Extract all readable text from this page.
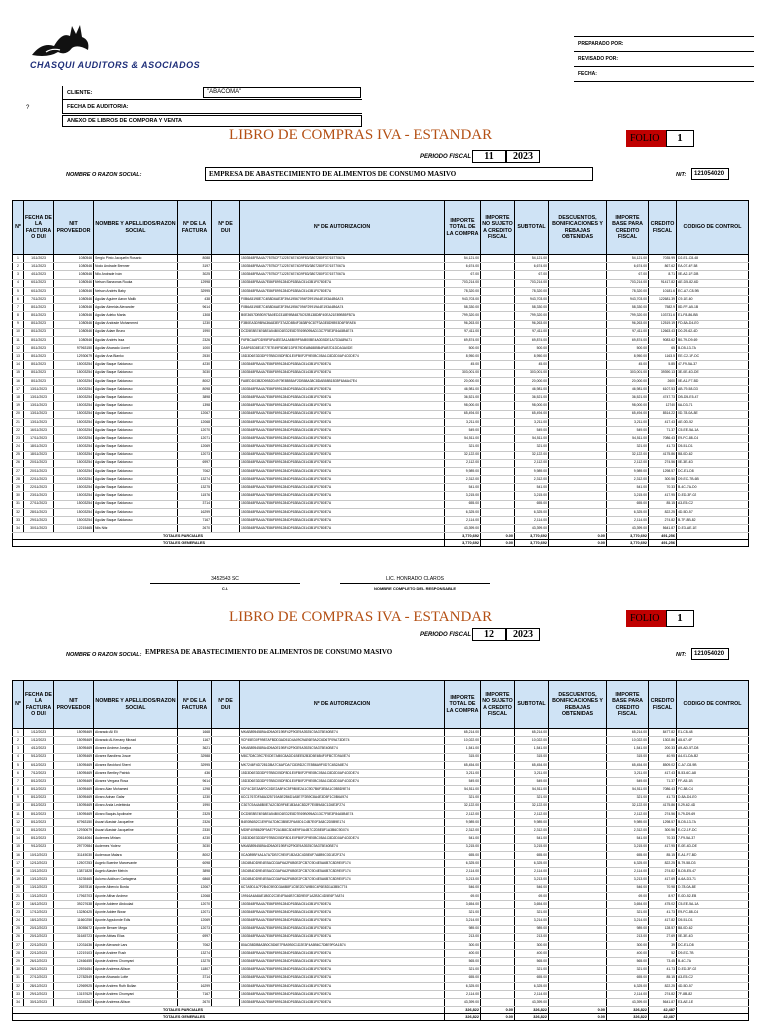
CHASQUI AUDITORS & ASOCIADOS
PREPARADO POR:
REVISADO POR:
FECHA:
CLIENTE:	"ABACOMA"
FECHA DE AUDITORIA:
?
ANEXO DE LIBROS DE COMPORA Y VENTA
LIBRO DE COMPRAS IVA - ESTANDAR	FOLIO	1
PERIODO FISCAL	11	2023
NOMBRE O RAZON SOCIAL:	EMPRESA DE ABASTECIMIENTO DE ALIMENTOS DE CONSUMO MASIVO	NIT:	121054020
Nº	FECHA DE LA FACTURA O DUI	NIT PROVEEDOR	NOMBRE Y APELLIDOS/RAZON SOCIAL	Nº DE LA FACTURA	Nº DE DUI	Nº DE AUTORIZACION	IMPORTE TOTAL DE LA COMPRA	IMPORTE NO SUJETO A CREDITO FISCAL	SUBTOTAL	DESCUENTOS, BONIFICACIONES Y REBAJAS OBTENIDAS	IMPORTE BASE PARA CREDITO FISCAL	CREDITO FISCAL	CODIGO DE CONTROL
1	1/11/2023	1080546	Sergio Pinto Jacquelin Rosario	8088		1503548FBA4A7757BCF7122574E74D9F83/3807280F37/1577067A	54,121.00		54,121.00		54,121.00	7035.99	D2-E1-C8-48
2	1/11/2023	1080546	Nodo Andrade Brenner	3197		1503548FBA4A7757BCF7122574E74D9F83/3807280F37/1577067A	6,674.00		6,674.00		6,674.00	867.62	EA-07-4F-58
3	4/11/2023	1080546	Nilo Andrade Iván	3025		1503548FBA4A7757BCF7122574E74D9F83/3807280F37/1577067A	67.00		67.00		67.00	8.71	0E-A2-1F-DB
4	6/11/2023	1080546	Nelson Banzonas Ruuka	12998		1503548FBA4A7E86F8991284DF63BAC5143B1F0780E7A	703,214.00		703,214.00		703,214.00	91417.82	AE-D5-82-6D
5	6/11/2023	1080546	Nelson Andrés Baby	32995		1503548FBA4A7E86F8991284DF63BAC5143B1F0780E7A	78,320.00		78,320.00		78,320.00	10181.6	EC-A7-C8-9B
6	7/11/2023	1080546	Aguilar Aguirre Aaron Malik	438		F0B6A5198E7C4B8D6AE3F39A19567094F29919A4E193A4B6A74	943,703.00		943,703.00		943,703.00	122681.39	C9-1E-60
7	8/11/2023	1080546	Aguilar Almeida Alexander	9614		F0B6A5198E7C4B8D6AE3F39A19567094F29919A4E193A4B6A74	58,330.00		58,330.00		58,330.00	7582.9	8D-FF-A5-1B
8	8/11/2023	1080546	Aguilar Adeko Marta	1308		B0E3657DB9D975A0ED2318E9B84875C92B138D8F40EA21E89B55FB7A	799,320.00		799,320.00		799,320.00	103731.6	E1-F8-86-BB
9	8/11/2023	1080546	Aguilar Andrade Mohammed	1230		F3B0EA3D9B9A36A83EF37A2D8B4F3638F6C87F3A3E8D9B93D6F5FAE6	96,263.00		96,263.00		96,263.00	12519.19	FD-8A-D4-E0
10	8/11/2023	1080546	Aguilar Adam Bruno	1990		DCD5E8B74E68EA54B0C6ED2E8D7E69B095AD13C7F5E3F84A5B4E74	97,411.00		97,411.00		97,411.00	12663.43	D0-29-62-4D
11	8/11/2023	1080546	Aguilar Andrés Issa	2326		F6FBCAAFDD95F5FA4EE3A1A8B09F9AB00BE4A0D5DE1A7D3A89A71	69,874.00		69,874.00		69,874.00	9083.62	B0-79-D9-69
12	8/11/2023	97963150	Aguilar Alvarado Lionel	1000		DA5F63D8E1E77E7E49F5D8E1DFB79DEAB6885B4FAB7D1DDA3A0DE	500.00		500.00		500.00	65	B-D5-13-7A
13	8/11/2023	12930679	Aguilar Ana Blanko	2530		15D3D6E3D3DF97BBC05DF8D1E0FB0F2F9E0BC05A1C8D2D0AF4C0DE74	8,950.00		8,950.00		8,950.00	1163.5	EE-C2-1F-DC
14	8/11/2023	15003254	Aguilar Baque Saldaruso	4230		1503548FBA4A7E86F8991284DF63BAC5143B1F0780E7A	45.00		45.00		45.00	5.85	47-F9-5A-37
15	8/11/2023	15003254	Aguilar Baque Saldaruso	3030		1503548FBA4A7E86F8991284DF63BAC5143B1F0780E7A	303,001.00		303,001.00		303,001.00	39390.13	3E-0E-4D-DE
16	8/11/2023	15003254	Aguilar Baque Saldaruso	8002		FA8EDD03B2D9B52D4979E8B55AF2DB58A38C8DAB58B1B35F6A6A47E4	20,000.00		20,000.00		20,000.00	2600	0E-A1-F7-BD
17	13/11/2023	15003254	Aguilar Baque Saldaruso	8098		1503548FBA4A7E86F8991284DF63BAC5143B1F0780E7A	46,981.00		46,981.00		46,981.00	6107.53	AB-79-58-D3
18	13/11/2023	15003254	Aguilar Baque Saldaruso	3898		1503548FBA4A7E86F8991284DF63BAC5143B1F0780E7A	36,521.00		36,521.00		36,521.00	4747.73	DB-D5-E5-47
19	13/11/2023	15003254	Aguilar Baque Saldaruso	1398		1503548FBA4A7E86F8991284DF63BAC5143B1F0780E7A	98,000.00		98,000.00		98,000.00	12740	6A-D3-71
20	13/11/2023	15003254	Aguilar Baque Saldaruso	12067		1503548FBA4A7E86F8991284DF63BAC5143B1F0780E7A	65,494.00		65,494.00		65,494.00	8514.22	0D-78-0A-8E
21	13/11/2023	15003254	Aguilar Baque Saldaruso	12068		1503548FBA4A7E86F8991284DF63BAC5143B1F0780E7A	3,211.00		3,211.00		3,211.00	417.43	AE-0D-52
22	16/11/2023	15003254	Aguilar Baque Saldaruso	12070		1503548FBA4A7E86F8991284DF63BAC5143B1F0780E7A	549.00		549.00		549.00	71.37	C5-EE-5A-1A
23	17/11/2023	15003254	Aguilar Baque Saldaruso	12071		1503548FBA4A7E86F8991284DF63BAC5143B1F0780E7A	54,511.00		54,511.00		54,511.00	7086.43	E9-FC-88-C4
24	18/11/2023	15003254	Aguilar Baque Saldaruso	12069		1503548FBA4A7E86F8991284DF63BAC5143B1F0780E7A	321.00		321.00		321.00	41.73	D5-51-D1
25	18/11/2023	15003254	Aguilar Baque Saldaruso	12073		1503548FBA4A7E86F8991284DF63BAC5143B1F0780E7A	32,122.00		32,122.00		32,122.00	4175.86	B8-0D-62
26	20/11/2023	15003254	Aguilar Baque Saldaruso	6997		1503548FBA4A7E86F8991284DF63BAC5143B1F0780E7A	2,112.00		2,112.00		2,112.00	274.56	0E-3E-4D
27	20/11/2023	15003254	Aguilar Baque Saldaruso	7062		1503548FBA4A7E86F8991284DF63BAC5143B1F0780E7A	9,989.00		9,989.00		9,989.00	1298.57	DC-E1-D8
28	22/11/2023	15003254	Aguilar Baque Saldaruso	13274		1503548FBA4A7E86F8991284DF63BAC5143B1F0780E7A	2,312.00		2,312.00		2,312.00	300.56	D9-EC-7B-6B
29	22/11/2023	15003254	Aguilar Baque Saldaruso	13275		1503548FBA4A7E86F8991284DF63BAC5143B1F0780E7A	541.00		541.00		541.00	70.33	B-4C-7A-D0
30	23/11/2023	15003254	Aguilar Baque Saldaruso	11576		1503548FBA4A7E86F8991284DF63BAC5143B1F0780E7A	3,215.00		3,215.00		3,215.00	417.95	D-ED-3F-02
31	27/11/2023	15003254	Aguilar Baque Saldaruso	3714		1503548FBA4A7E86F8991284DF63BAC5143B1F0780E7A	655.00		655.00		655.00	85.15	A3-E5-C2
32	28/11/2023	15003254	Aguilar Baque Saldaruso	16299		1503548FBA4A7E86F8991284DF63BAC5143B1F0780E7A	6,325.00		6,325.00		6,325.00	822.25	4D-5D-57
33	29/11/2023	15003254	Aguilar Baque Saldaruso	7167		1503548FBA4A7E86F8991284DF63BAC5143B1F0780E7A	2,114.00		2,114.00		2,114.00	274.82	B-7F-8B-82
34	30/11/2023	12215465	Nils Nitz	2670		1503548FBA4A7E86F8991284DF63BAC5143B1F0780E7A	43,399.00		43,399.00		43,399.00	5641.87	D-E3-AE-1E
TOTALES PARCIALES							3,770,692	0.00	3,770,692	0.00	3,770,692	491,256	
TOTALES GENERALES							3,770,692	0.00	3,770,692	0.00	3,770,692	491,256	
3452543 SC
C.I.
LIC. HONRADO CLAROS
NOMBRE COMPLETO DEL RESPONSABLE
LIBRO DE COMPRAS IVA - ESTANDAR	FOLIO	1
PERIODO FISCAL	12	2023
NOMBRE O RAZON SOCIAL: EMPRESA DE ABASTECIMIENTO DE ALIMENTOS DE CONSUMO MASIVO	NIT:	121054020
Nº	FECHA DE LA FACTURA O DUI	NIT PROVEEDOR	NOMBRE Y APELLIDOS/RAZON SOCIAL	Nº DE LA FACTURA	Nº DE DUI	Nº DE AUTORIZACION	IMPORTE TOTAL DE LA COMPRA	IMPORTE NO SUJETO A CREDITO FISCAL	SUBTOTAL	DESCUENTOS, BONIFICACIONES Y REBAJAS OBTENIDAS	IMPORTE BASE PARA CREDITO FISCAL	CREDITO FISCAL	CODIGO DE CONTROL
1	1/12/2023	15095469	Alvarado Ali Eli	1668		MKAB8954589A4D9A0E19BF42F9GE9A3925C9A375E40BE74	65,214.00		65,214.00		65,214.00	8477.82	E1-C8-48
2	1/12/2023	15095469	Alvarado Al-Kenany Mirzad	1167		9CF45ED0F9987AFBDD3AD51D4A09C9AE6E9A2C6D67F09A73DE74	10,022.00		10,022.00		10,022.00	1302.86	A5-67-4F
3	4/12/2023	15095469	Alvarez Andrew Josejua	3621		MKAB8954589A4D9A0E19BF42F9GE9A3925C9A375E40BE74	1,541.00		1,541.00		1,541.00	200.33	A9-AD-5T-D8
4	5/12/2023	15095469	Alvarez Bandiera Josue	32988		M8C7D8C39C7E0DE7AB0C8ADD1BEE52B3D5E6B4F0FBC7D9A0E74	315.00		315.00		315.00	40.95	A4-01-DA-B2
5	6/12/2023	15095469	Alvarez Beckford Sherri	32995		MK7246F4D7281DBA7C6AFDA7C839D2C7E5B6A9F0D7C4B2A8E74	65,454.00		65,454.00		65,454.00	8509.02	C-A7-C8-9B
6	7/12/2023	15095469	Alvarez Bentley Patrick	436		15D3D6E3D3DF97BBC05DF8D1E0FB0F2F9E0BC05A1C8D2D0AF4C0DE74	3,211.00		3,211.00		3,211.00	417.43	B-53-6C-A8
7	8/12/2023	15095469	Alvarez Vergara Rosa	9614		15D3D6E3D3DF97BBC05DF8D1E0FB0F2F9E0BC05A1C8D2D0AF4C0DE74	549.00		549.00		549.00	71.37	FF-A5-1B
8	8/12/2023	15095469	Alvaro Alan Mohamed	1298		0CF4CDE3A8F0C0DE2A8F4C5F9B0E2A1C9D7B6F3E8A1C0B5D9E74	54,511.00		54,511.00		54,511.00	7086.43	FC-88-C4
9	8/12/2023	15095469	Alvaro Adnan Gafar	1230		6CC1767DFA8A325719A5E2B6D1A5E7F2B9C8A4E3D5F1C0B6A974	321.00		321.00		321.00	41.73	D-8A-D4-E0
10	8/12/2023	15095469	Alvaro Anda Ledebinda	1990		C307C9A4A8B0E7A2C5D9F6E1B3A4C8D2F7E0B9A5C1D6E3F274	32,122.00		32,122.00		32,122.00	4175.86	0-29-62-4D
11	8/12/2023	15095469	Alvaro Baquis Apolinaire	2325		DCD5E8B74E68EA54B0C6ED2E8D7E69B095AD13C7F5E3F84A5B4E74	2,112.00		2,112.00		2,112.00	274.56	0-79-D9-69
12	8/12/2023	67963150	Ascari Alastair Jacqueline	2326		B4E0B6B2C1E9F0A7D8C3B5E2F6A9D1C4B7E0F3A8C2D5B9E174	9,989.00		9,989.00		9,989.00	1298.57	B-D5-13-7A
13	8/12/2023	12930679	Ascari Alastair Jacqueline	2330		MD5F4098629F9AE7F2A1B8C3D6E9F0A4B7C2D5E8F1A3B6C9D074	2,312.00		2,312.00		2,312.00	300.56	E-C2-1F-DC
14	8/12/2023	20614064	Audemes Miriam	4230		15D3D6E3D3DF97BBC05DF8D1E0FB0F2F9E0BC05A1C8D2D0AF4C0DE74	541.00		541.00		541.00	70.33	7-F9-5A-37
15	9/12/2023	29770984	Audemes Yoderz	3030		MKAB8954589A4D9A0E19BF42F9GE9A3925C9A375E40BE74	3,215.00		3,215.00		3,215.00	417.95	E-0E-4D-DE
16	10/12/2023	31145030	Audenaux Malara	8002		0CA089BF4A1A7A7DB7C9E0F1B2A3C4D5E6F7A8B9C0D1E2F374	655.00		655.00		655.00	85.15	E-A1-F7-BD
17	12/12/2023	12507253	Augelo Buenhe Marcevante	6098		15C6B4DD9E4EBACD3AF6A2F6B0E2FCB7C9D4E5A6B7C8D9E0F174	6,325.00		6,325.00		6,325.00	822.25	B-79-58-D3
18	13/12/2023	13871828	Augelo Alaster Melvin	3898		15C6B4DD9E4EBACD3AF6A2F6B0E2FCB7C9D4E5A6B7C8D9E0F174	2,114.00		2,114.00		2,114.00	274.82	B-D5-E5-47
19	13/12/2023	15235465	Aulomo Addison Cartagena	6868		15C6B4DD9E4EBACD3AF6A2F6B0E2FCB7C9D4E5A6B7C8D9E0F174	3,213.00		3,213.00		3,213.00	417.69	A-6A-D3-71
20	13/12/2023	2657816	Aponte Albercio Borda	12067		6C7A9D1A7F2B4C9E0D3A6B8F1C5E2D7A9B0C4F6E8D1A3B5C774	546.00		546.00		546.00	70.98	D-78-0A-8E
21	13/12/2023	17963703	Aponte Althar Andrew	12068		19916A6A8AE1B0D2C3E4F5A6B7C8D9E0F1A2B3C4D5E6F7A874	69.00		69.00		69.00	8.97	E-0D-52-EB
22	16/12/2023	39227638	Aponte Addene Abdoulad	12070		1503548FBA4A7E86F8991284DF63BAC5143B1F0780E7A	3,654.00		3,654.00		3,654.00	475.02	C5-EE-5A-1A
23	17/12/2023	13280425	Aponte Addee Biwar	12071		1503548FBA4A7E86F8991284DF63BAC5143B1F0780E7A	321.00		321.00		321.00	41.73	E9-FC-88-C4
24	18/12/2023	11660256	Aponte Appulonde Edis	12069		1503548FBA4A7E86F8991284DF63BAC5143B1F0780E7A	3,214.00		3,214.00		3,214.00	417.82	D5-51-D1
25	20/12/2023	15055672	Aponte Benzer Mega	12073		1503548FBA4A7E86F8991284DF63BAC5143B1F0780E7A	989.00		989.00		989.00	128.57	B8-0D-62
26	20/12/2023	31645723	Aponte Abbas Elias	6997		1503548FBA4A7E86F8991284DF63BAC5143B1F0780E7A	213.00		213.00		213.00	27.69	0E-3E-4D
27	22/12/2023	12031636	Aposte Alexandr Lars	7062		80ACB8DB8A3B0C5D6E7F8A9B0C1D2E3F4A5B6C7D8E9F0A1B74	300.00		300.00		300.00	39	DC-E1-D8
28	22/12/2023	12219103	Aposte Andree Rush	13274		1503548FBA4A7E86F8991284DF63BAC5143B1F0780E7A	400.00		400.00		400.00	52	D9-EC-7B
29	26/12/2023	12466455	Aposte Andrew Chomyani	13275		1503548FBA4A7E86F8991284DF63BAC5143B1F0780E7A	565.00		565.00		565.00	73.45	B-4C-7A
30	26/12/2023	12591654	Aposte Andrews Allison	11807		1503548FBA4A7E86F8991284DF63BAC5143B1F0780E7A	321.00		321.00		321.00	41.73	D-ED-3F-02
31	27/12/2023	12782549	Aposte Alvarado Lotte	3714		1503548FBA4A7E86F8991284DF63BAC5143B1F0780E7A	655.00		655.00		655.00	85.15	A3-E5-C2
32	28/12/2023	12969925	Aposte Andrew Ruth Bullan	16299		1503548FBA4A7E86F8991284DF63BAC5143B1F0780E7A	6,325.00		6,325.00		6,325.00	822.25	4D-5D-57
33	29/12/2023	13157629	Aposte Andrew Chomyani	7167		1503548FBA4A7E86F8991284DF63BAC5143B1F0780E7A	2,114.00		2,114.00		2,114.00	274.82	7F-8B-82
34	30/12/2023	13345267	Aposte Andrews Allison	2670		1503548FBA4A7E86F8991284DF63BAC5143B1F0780E7A	43,399.00		43,399.00		43,399.00	5641.87	E3-AE-1E
TOTALES PARCIALES							326,822	0.00	326,822	0.00	326,822	42,487	
TOTALES GENERALES							326,822	0.00	326,822	0.00	326,822	42,487	
